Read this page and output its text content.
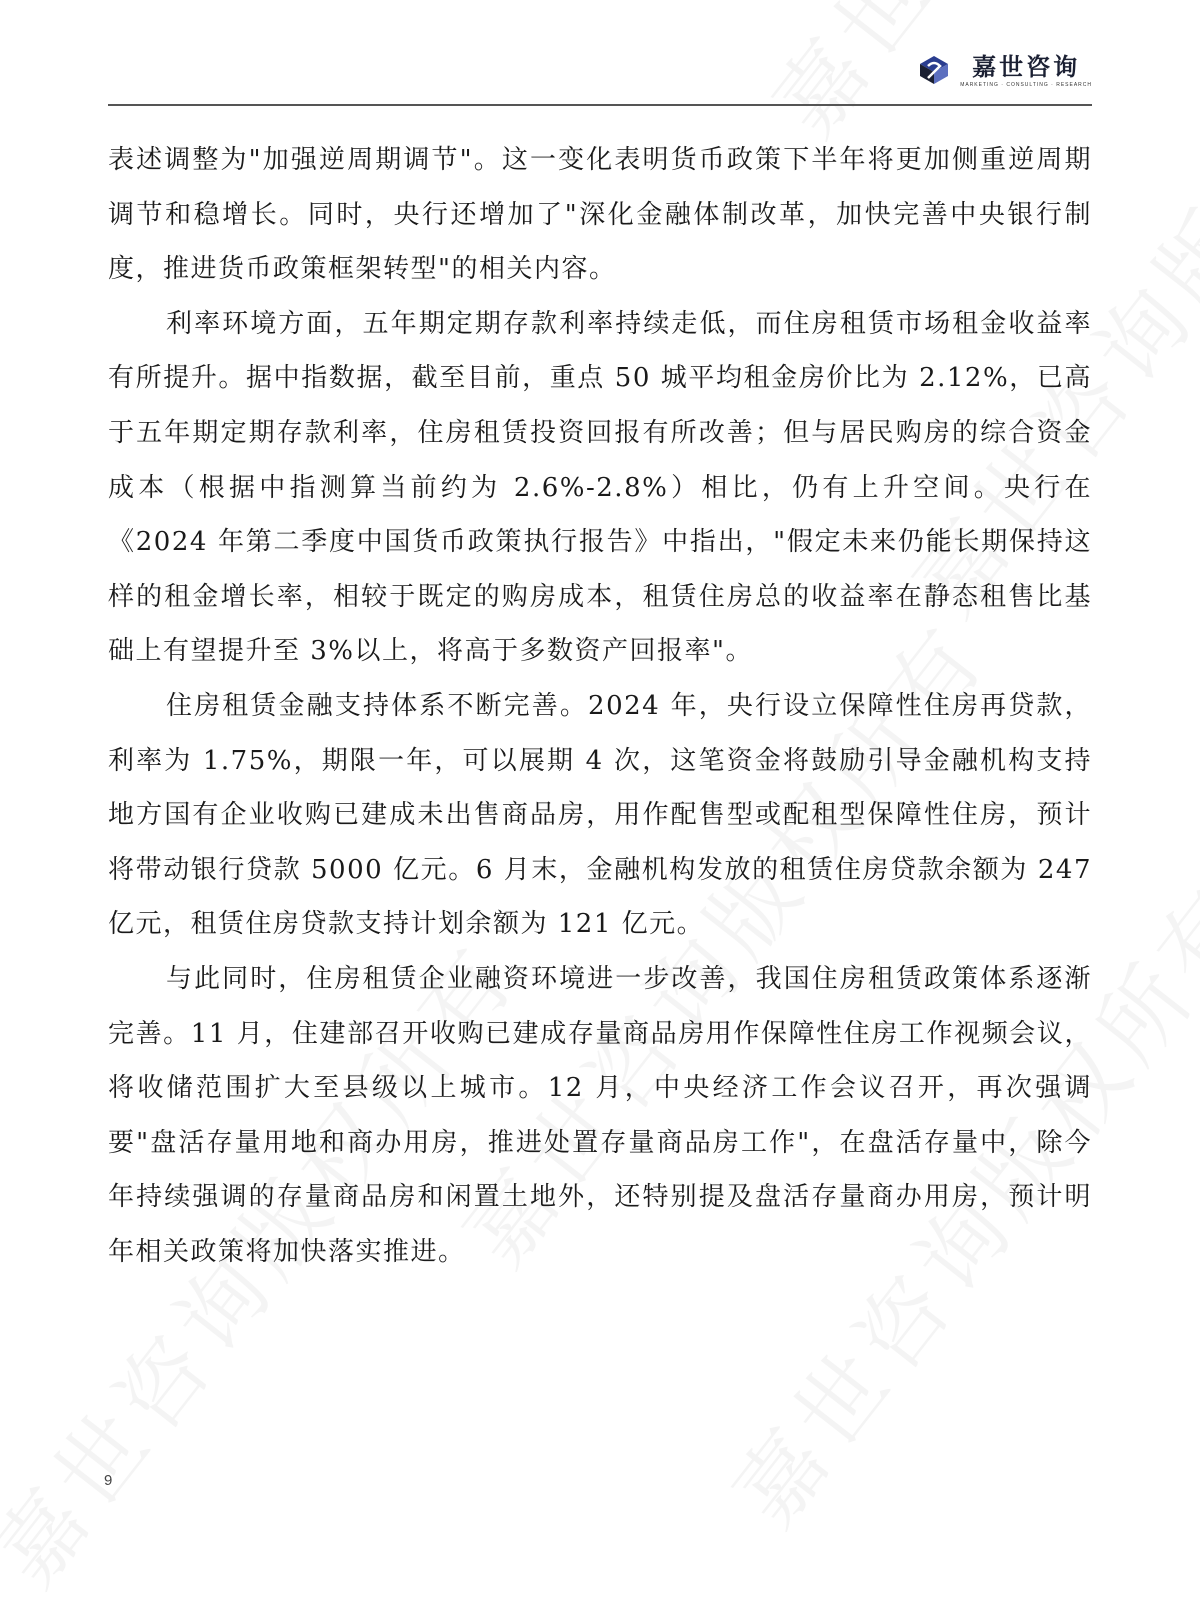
嘉世咨询
MARKETING · CONSULTING · RESEARCH

表述调整为"加强逆周期调节"。这一变化表明货币政策下半年将更加侧重逆周期调节和稳增长。同时，央行还增加了"深化金融体制改革，加快完善中央银行制度，推进货币政策框架转型"的相关内容。

利率环境方面，五年期定期存款利率持续走低，而住房租赁市场租金收益率有所提升。据中指数据，截至目前，重点 50 城平均租金房价比为 2.12%，已高于五年期定期存款利率，住房租赁投资回报有所改善；但与居民购房的综合资金成本（根据中指测算当前约为 2.6%-2.8%）相比，仍有上升空间。央行在《2024 年第二季度中国货币政策执行报告》中指出，"假定未来仍能长期保持这样的租金增长率，相较于既定的购房成本，租赁住房总的收益率在静态租售比基础上有望提升至 3%以上，将高于多数资产回报率"。

住房租赁金融支持体系不断完善。2024 年，央行设立保障性住房再贷款，利率为 1.75%，期限一年，可以展期 4 次，这笔资金将鼓励引导金融机构支持地方国有企业收购已建成未出售商品房，用作配售型或配租型保障性住房，预计将带动银行贷款 5000 亿元。6 月末，金融机构发放的租赁住房贷款余额为 247 亿元，租赁住房贷款支持计划余额为 121 亿元。

与此同时，住房租赁企业融资环境进一步改善，我国住房租赁政策体系逐渐完善。11 月，住建部召开收购已建成存量商品房用作保障性住房工作视频会议，将收储范围扩大至县级以上城市。12 月，中央经济工作会议召开，再次强调要"盘活存量用地和商办用房，推进处置存量商品房工作"，在盘活存量中，除今年持续强调的存量商品房和闲置土地外，还特别提及盘活存量商办用房，预计明年相关政策将加快落实推进。

9
